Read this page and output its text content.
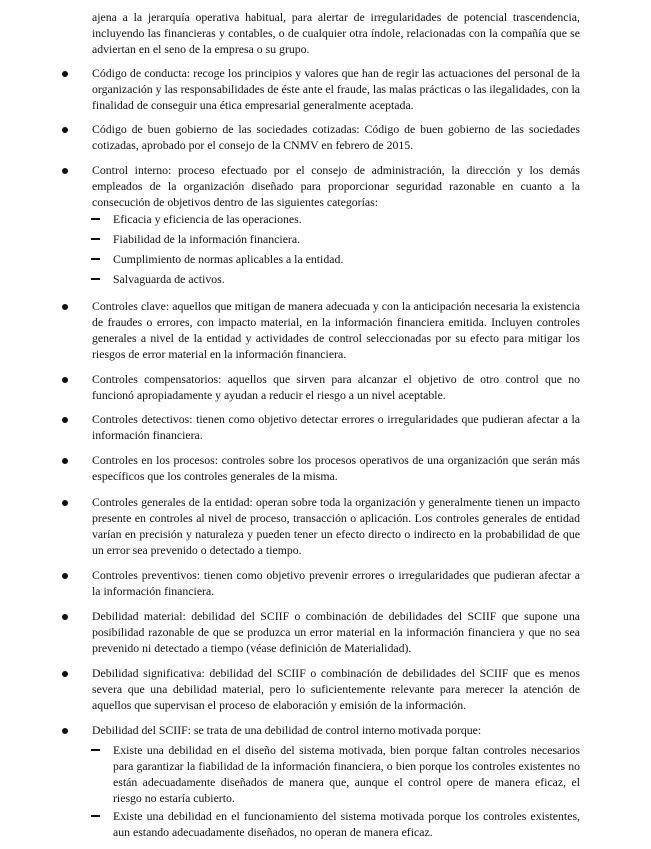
ajena a la jerarquía operativa habitual, para alertar de irregularidades de potencial trascendencia, incluyendo las financieras y contables, o de cualquier otra índole, relacionadas con la compañía que se adviertan en el seno de la empresa o su grupo.

Código de conducta: recoge los principios y valores que han de regir las actuaciones del personal de la organización y las responsabilidades de éste ante el fraude, las malas prácticas o las ilegalidades, con la finalidad de conseguir una ética empresarial generalmente aceptada.

Código de buen gobierno de las sociedades cotizadas: Código de buen gobierno de las sociedades cotizadas, aprobado por el consejo de la CNMV en febrero de 2015.

Control interno: proceso efectuado por el consejo de administración, la dirección y los demás empleados de la organización diseñado para proporcionar seguridad razonable en cuanto a la consecución de objetivos dentro de las siguientes categorías:

Eficacia y eficiencia de las operaciones.

Fiabilidad de la información financiera.

Cumplimiento de normas aplicables a la entidad.

Salvaguarda de activos.

Controles clave: aquellos que mitigan de manera adecuada y con la anticipación necesaria la existencia de fraudes o errores, con impacto material, en la información financiera emitida. Incluyen controles generales a nivel de la entidad y actividades de control seleccionadas por su efecto para mitigar los riesgos de error material en la información financiera.

Controles compensatorios: aquellos que sirven para alcanzar el objetivo de otro control que no funcionó apropiadamente y ayudan a reducir el riesgo a un nivel aceptable.

Controles detectivos: tienen como objetivo detectar errores o irregularidades que pudieran afectar a la información financiera.

Controles en los procesos: controles sobre los procesos operativos de una organización que serán más específicos que los controles generales de la misma.

Controles generales de la entidad: operan sobre toda la organización y generalmente tienen un impacto presente en controles al nivel de proceso, transacción o aplicación. Los controles generales de entidad varían en precisión y naturaleza y pueden tener un efecto directo o indirecto en la probabilidad de que un error sea prevenido o detectado a tiempo.

Controles preventivos: tienen como objetivo prevenir errores o irregularidades que pudieran afectar a la información financiera.

Debilidad material: debilidad del SCIIF o combinación de debilidades del SCIIF que supone una posibilidad razonable de que se produzca un error material en la información financiera y que no sea prevenido ni detectado a tiempo (véase definición de Materialidad).

Debilidad significativa: debilidad del SCIIF o combinación de debilidades del SCIIF que es menos severa que una debilidad material, pero lo suficientemente relevante para merecer la atención de aquellos que supervisan el proceso de elaboración y emisión de la información.

Debilidad del SCIIF: se trata de una debilidad de control interno motivada porque:

Existe una debilidad en el diseño del sistema motivada, bien porque faltan controles necesarios para garantizar la fiabilidad de la información financiera, o bien porque los controles existentes no están adecuadamente diseñados de manera que, aunque el control opere de manera eficaz, el riesgo no estaría cubierto.

Existe una debilidad en el funcionamiento del sistema motivada porque los controles existentes, aun estando adecuadamente diseñados, no operan de manera eficaz.
